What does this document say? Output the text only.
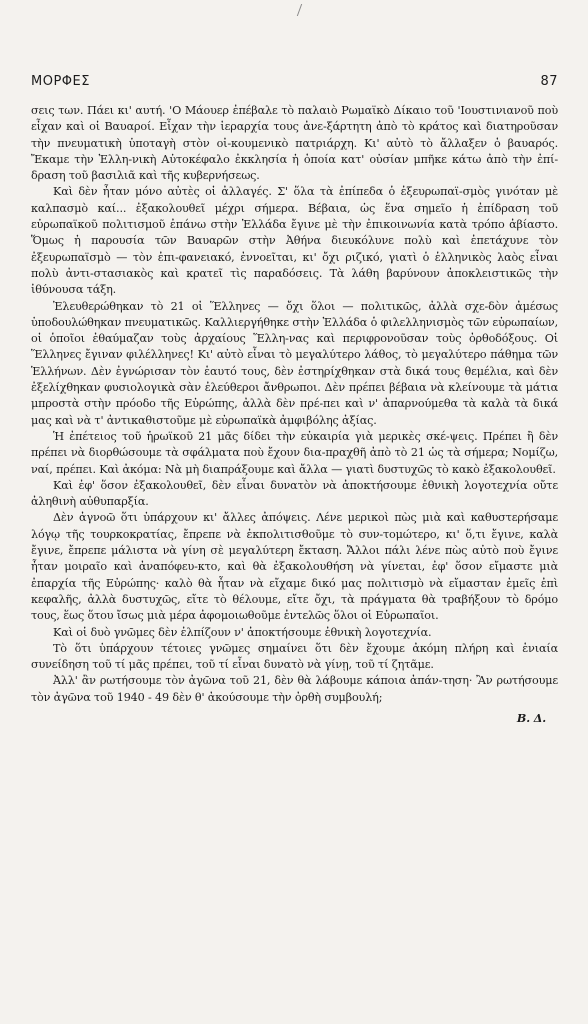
ΜΟΡΦΕΣ	87

σεις των. Πάει κι' αυτή. 'Ο Μάουερ ἐπέβαλε τὸ παλαιὸ Ρωμαϊκὸ Δίκαιο τοῦ 'Ιουστινιανοῦ ποὺ εἶχαν καὶ οἱ Βαυαροί. Εἶχαν τὴν ἱεραρχία τους ἀνε-ξάρτητη ἀπὸ τὸ κράτος καὶ διατηροῦσαν τὴν πνευματικὴ ὑποταγὴ στὸν οἰ-κουμενικὸ πατριάρχη. Κι' αὐτὸ τὸ ἄλλαξεν ὁ βαυαρός. Ἔκαμε τὴν Ἑλλη-νικὴ Αὐτοκέφαλο ἐκκλησία ἡ ὁποία κατ' οὐσίαν μπῆκε κάτω ἀπὸ τὴν ἐπί-δραση τοῦ βασιλιᾶ καὶ τῆς κυβερνήσεως.

Καὶ δὲν ἦταν μόνο αὐτὲς οἱ ἀλλαγές. Σ' ὅλα τὰ ἐπίπεδα ὁ ἐξευρωπαϊ-σμὸς γινόταν μὲ καλπασμὸ καί... ἐξακολουθεῖ μέχρι σήμερα. Βέβαια, ὡς ἕνα σημεῖο ἡ ἐπίδραση τοῦ εὐρωπαϊκοῦ πολιτισμοῦ ἐπάνω στὴν Ἑλλάδα ἔγινε μὲ τὴν ἐπικοινωνία κατὰ τρόπο ἀβίαστο. Ὅμως ἡ παρουσία τῶν Βαυαρῶν στὴν Ἀθήνα διευκόλυνε πολὺ καὶ ἐπετάχυνε τὸν ἐξευρωπαϊσμὸ — τὸν ἐπι-φανειακό, ἐννοεῖται, κι' ὄχι ριζικό, γιατὶ ὁ ἑλληνικὸς λαὸς εἶναι πολὺ ἀντι-στασιακὸς καὶ κρατεῖ τὶς παραδόσεις. Τὰ λάθη βαρύνουν ἀποκλειστικῶς τὴν ἰθύνουσα τάξη.

Ἐλευθερώθηκαν τὸ 21 οἱ Ἕλληνες — ὄχι ὅλοι — πολιτικῶς, ἀλλὰ σχε-δὸν ἀμέσως ὑποδουλώθηκαν πνευματικῶς. Καλλιεργήθηκε στὴν Ἑλλάδα ὁ φιλελληνισμὸς τῶν εὐρωπαίων, οἱ ὁποῖοι ἐθαύμαζαν τοὺς ἀρχαίους Ἕλλη-νας καὶ περιφρονοῦσαν τοὺς ὀρθοδόξους. Οἱ Ἕλληνες ἔγιναν φιλέλληνες! Κι' αὐτὸ εἶναι τὸ μεγαλύτερο λάθος, τὸ μεγαλύτερο πάθημα τῶν Ἑλλήνων. Δὲν ἐγνώρισαν τὸν ἑαυτό τους, δὲν ἐστηρίχθηκαν στὰ δικά τους θεμέλια, καὶ δὲν ἐξελίχθηκαν φυσιολογικὰ σὰν ἐλεύθεροι ἄνθρωποι. Δὲν πρέπει βέβαια νὰ κλείνουμε τὰ μάτια μπροστὰ στὴν πρόοδο τῆς Εὐρώπης, ἀλλὰ δὲν πρέ-πει καὶ ν' ἀπαρνούμεθα τὰ καλὰ τὰ δικά μας καὶ νὰ τ' ἀντικαθιστοῦμε μὲ εὐρωπαϊκὰ ἀμφιβόλης ἀξίας.

Ἡ ἐπέτειος τοῦ ἡρωϊκοῦ 21 μᾶς δίδει τὴν εὐκαιρία γιὰ μερικὲς σκέ-ψεις. Πρέπει ἢ δὲν πρέπει νὰ διορθώσουμε τὰ σφάλματα ποὺ ἔχουν δια-πραχθῆ ἀπὸ τὸ 21 ὡς τὰ σήμερα; Νομίζω, ναί, πρέπει. Καὶ ἀκόμα: Νὰ μὴ διαπράξουμε καὶ ἄλλα — γιατὶ δυστυχῶς τὸ κακὸ ἐξακολουθεῖ.

Καὶ ἐφ' ὅσον ἐξακολουθεῖ, δὲν εἶναι δυνατὸν νὰ ἀποκτήσουμε ἐθνικὴ λογοτεχνία οὔτε ἀληθινὴ αὐθυπαρξία.

Δὲν ἀγνοῶ ὅτι ὑπάρχουν κι' ἄλλες ἀπόψεις. Λένε μερικοὶ πὼς μιὰ καὶ καθυστερήσαμε λόγῳ τῆς τουρκοκρατίας, ἔπρεπε νὰ ἐκπολιτισθοῦμε τὸ συν-τομώτερο, κι' ὅ,τι ἔγινε, καλὰ ἔγινε, ἔπρεπε μάλιστα νὰ γίνη σὲ μεγαλύτερη ἔκταση. Ἄλλοι πάλι λένε πὼς αὐτὸ ποὺ ἔγινε ἦταν μοιραῖο καὶ ἀναπόφευ-κτο, καὶ θὰ ἐξακολουθήση νὰ γίνεται, ἐφ' ὅσον εἴμαστε μιὰ ἐπαρχία τῆς Εὐρώπης· καλὸ θὰ ἦταν νὰ εἴχαμε δικό μας πολιτισμὸ νὰ εἴμασταν ἐμεῖς ἐπὶ κεφαλῆς, ἀλλὰ δυστυχῶς, εἴτε τὸ θέλουμε, εἴτε ὄχι, τὰ πράγματα θὰ τραβήξουν τὸ δρόμο τους, ἕως ὅτου ἴσως μιὰ μέρα ἀφομοιωθοῦμε ἐντελῶς ὅλοι οἱ Εὐρωπαῖοι.

Καὶ οἱ δυὸ γνῶμες δὲν ἐλπίζουν ν' ἀποκτήσουμε ἐθνικὴ λογοτεχνία.

Τὸ ὅτι ὑπάρχουν τέτοιες γνῶμες σημαίνει ὅτι δὲν ἔχουμε ἀκόμη πλήρη καὶ ἑνιαία συνείδηση τοῦ τί μᾶς πρέπει, τοῦ τί εἶναι δυνατὸ νὰ γίνῃ, τοῦ τί ζητᾶμε.

Ἀλλ' ἂν ρωτήσουμε τὸν ἀγῶνα τοῦ 21, δὲν θὰ λάβουμε κάποια ἀπάν-τηση· Ἂν ρωτήσουμε τὸν ἀγῶνα τοῦ 1940 - 49 δὲν θ' ἀκούσουμε τὴν ὀρθὴ συμβουλή;

Β. Δ.
